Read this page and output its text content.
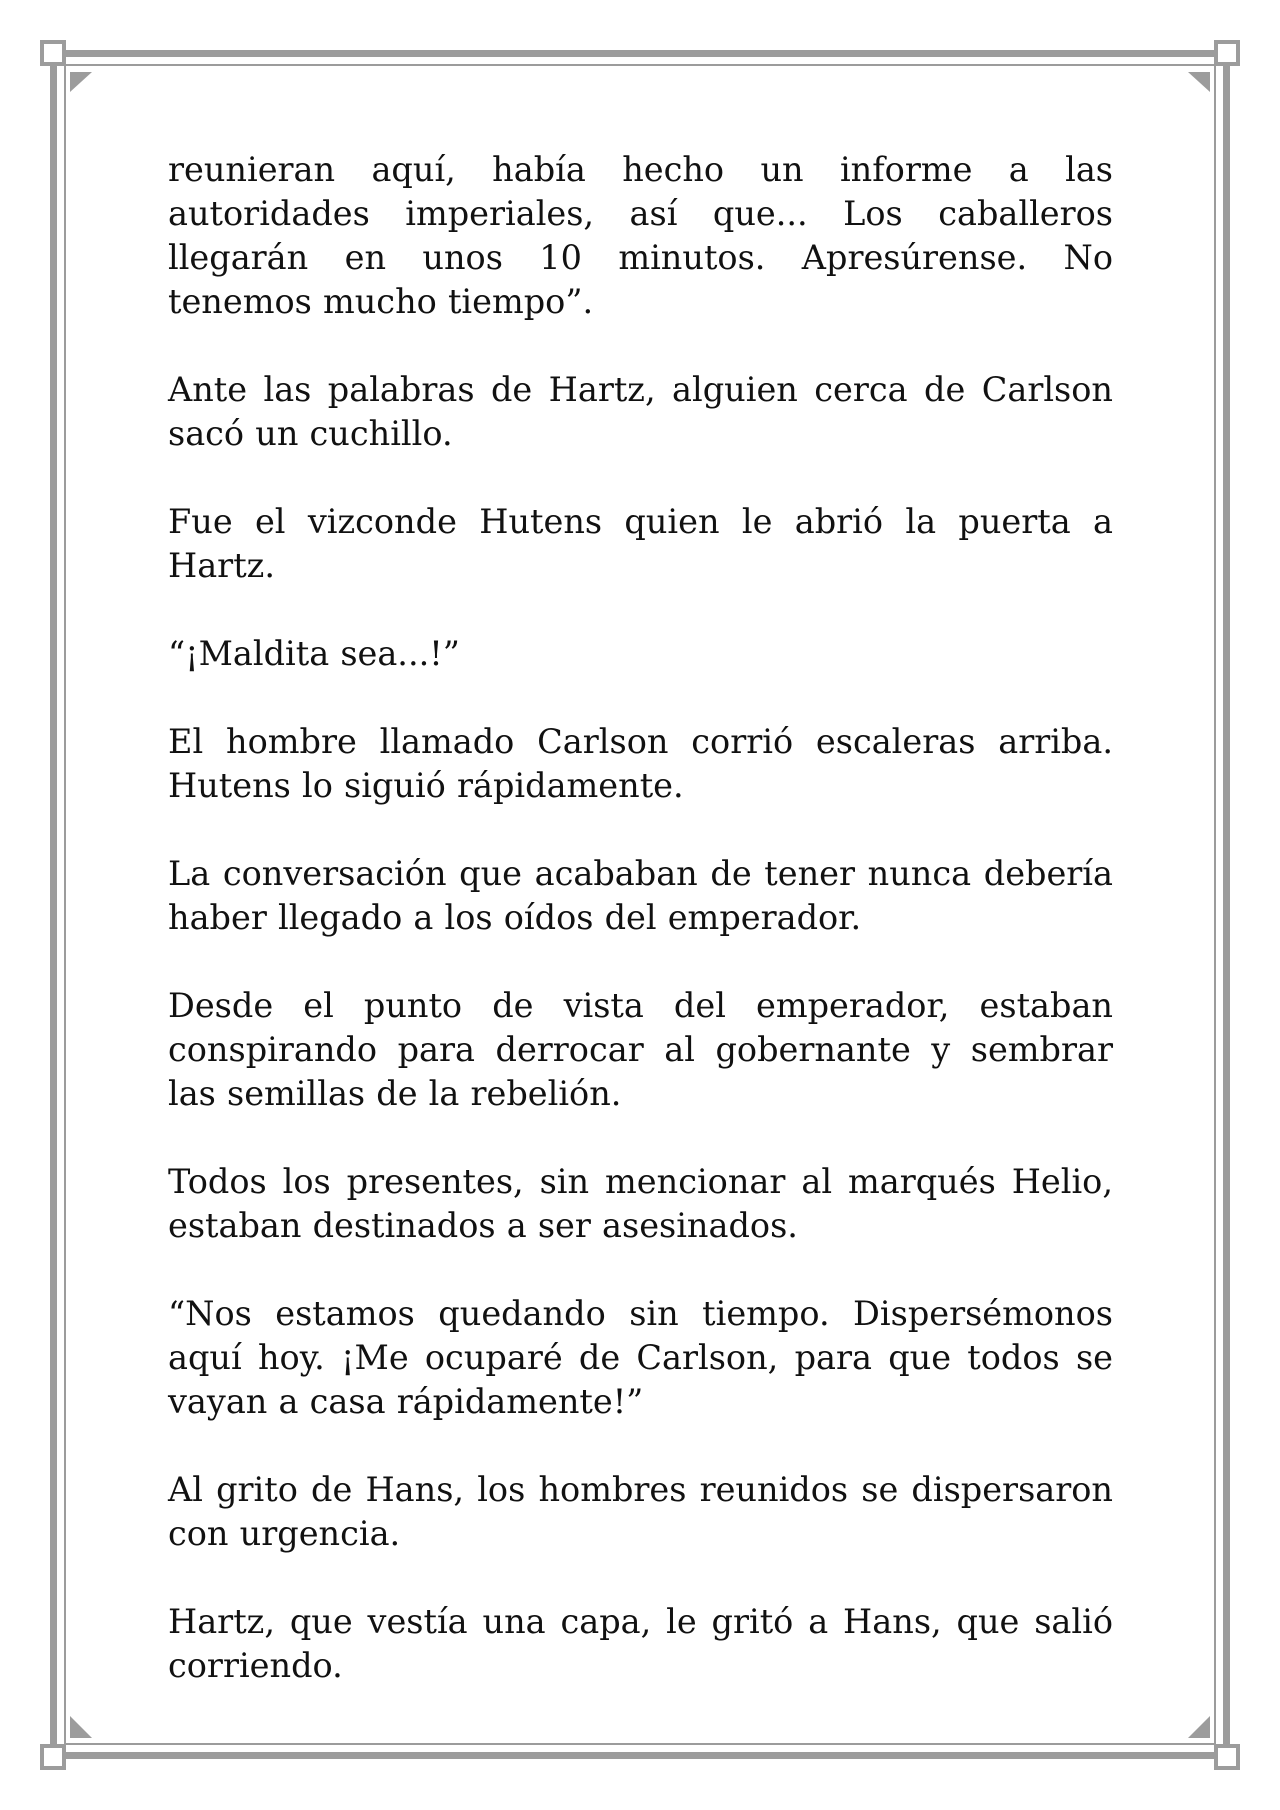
reunieran aquí, había hecho un informe a las autoridades imperiales, así que... Los caballeros llegarán en unos 10 minutos. Apresúrense. No tenemos mucho tiempo”.

Ante las palabras de Hartz, alguien cerca de Carlson sacó un cuchillo.

Fue el vizconde Hutens quien le abrió la puerta a Hartz.

“¡Maldita sea...!”

El hombre llamado Carlson corrió escaleras arriba. Hutens lo siguió rápidamente.

La conversación que acababan de tener nunca debería haber llegado a los oídos del emperador.

Desde el punto de vista del emperador, estaban conspirando para derrocar al gobernante y sembrar las semillas de la rebelión.

Todos los presentes, sin mencionar al marqués Helio, estaban destinados a ser asesinados.

“Nos estamos quedando sin tiempo. Dispersémonos aquí hoy. ¡Me ocuparé de Carlson, para que todos se vayan a casa rápidamente!”

Al grito de Hans, los hombres reunidos se dispersaron con urgencia.

Hartz, que vestía una capa, le gritó a Hans, que salió corriendo.
